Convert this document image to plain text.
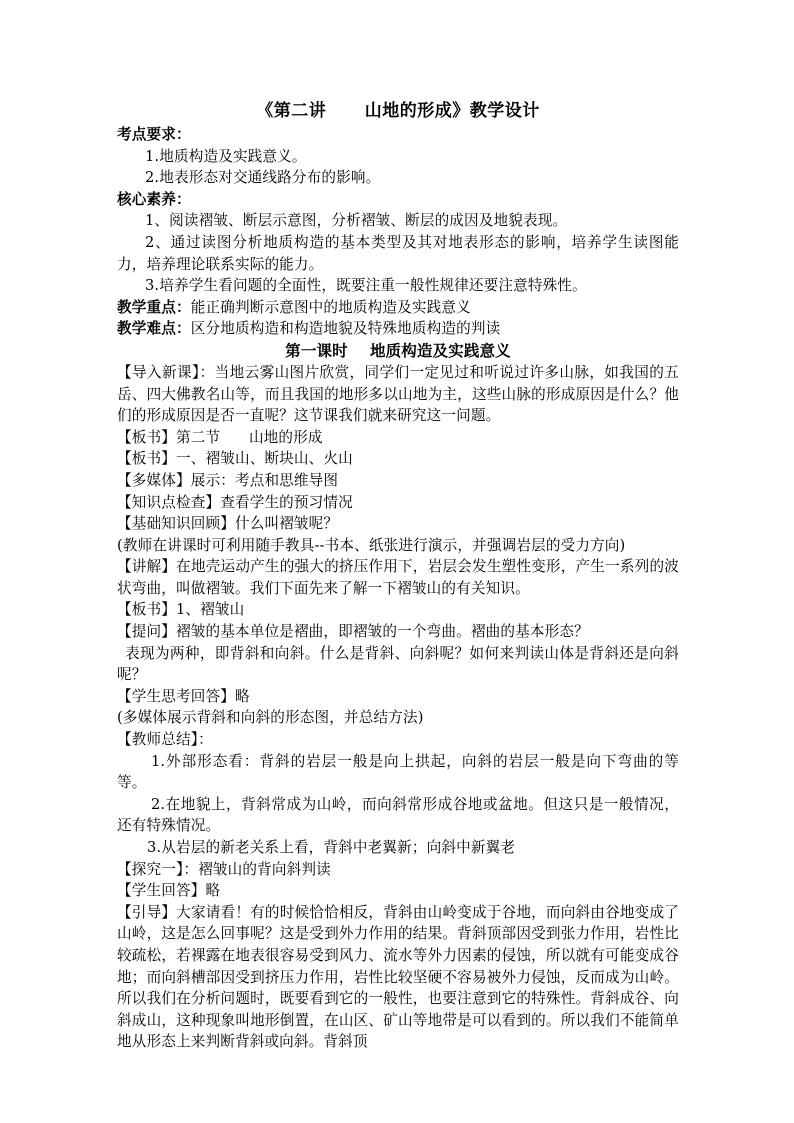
《第二讲      山地的形成》教学设计
考点要求：
1.地质构造及实践意义。
2.地表形态对交通线路分布的影响。
核心素养：
1、阅读褶皱、断层示意图，分析褶皱、断层的成因及地貌表现。
2、通过读图分析地质构造的基本类型及其对地表形态的影响，培养学生读图能力，培养理论联系实际的能力。
3.培养学生看问题的全面性，既要注重一般性规律还要注意特殊性。
教学重点：能正确判断示意图中的地质构造及实践意义
教学难点：区分地质构造和构造地貌及特殊地质构造的判读
第一课时    地质构造及实践意义
【导入新课】：当地云雾山图片欣赏，同学们一定见过和听说过许多山脉，如我国的五岳、四大佛教名山等，而且我国的地形多以山地为主，这些山脉的形成原因是什么？他们的形成原因是否一直呢？这节课我们就来研究这一问题。
【板书】第二节      山地的形成
【板书】一、褶皱山、断块山、火山
【多媒体】展示：考点和思维导图
【知识点检查】查看学生的预习情况
【基础知识回顾】什么叫褶皱呢？
(教师在讲课时可利用随手教具--书本、纸张进行演示，并强调岩层的受力方向)
【讲解】在地壳运动产生的强大的挤压作用下，岩层会发生塑性变形，产生一系列的波状弯曲，叫做褶皱。我们下面先来了解一下褶皱山的有关知识。
【板书】1、褶皱山
【提问】褶皱的基本单位是褶曲，即褶皱的一个弯曲。褶曲的基本形态？
表现为两种，即背斜和向斜。什么是背斜、向斜呢？如何来判读山体是背斜还是向斜呢？
【学生思考回答】略
(多媒体展示背斜和向斜的形态图，并总结方法)
【教师总结】：
1.外部形态看：背斜的岩层一般是向上拱起，向斜的岩层一般是向下弯曲的等等。
2.在地貌上，背斜常成为山岭，而向斜常形成谷地或盆地。但这只是一般情况，还有特殊情况。
3.从岩层的新老关系上看，背斜中老翼新；向斜中新翼老
【探究一】：褶皱山的背向斜判读
【学生回答】略
【引导】大家请看！有的时候恰恰相反，背斜由山岭变成于谷地，而向斜由谷地变成了山岭，这是怎么回事呢？这是受到外力作用的结果。背斜顶部因受到张力作用，岩性比较疏松，若裸露在地表很容易受到风力、流水等外力因素的侵蚀，所以就有可能变成谷地；而向斜槽部因受到挤压力作用，岩性比较坚硬不容易被外力侵蚀，反而成为山岭。所以我们在分析问题时，既要看到它的一般性，也要注意到它的特殊性。背斜成谷、向斜成山，这种现象叫地形倒置，在山区、矿山等地带是可以看到的。所以我们不能简单地从形态上来判断背斜或向斜。背斜顶
